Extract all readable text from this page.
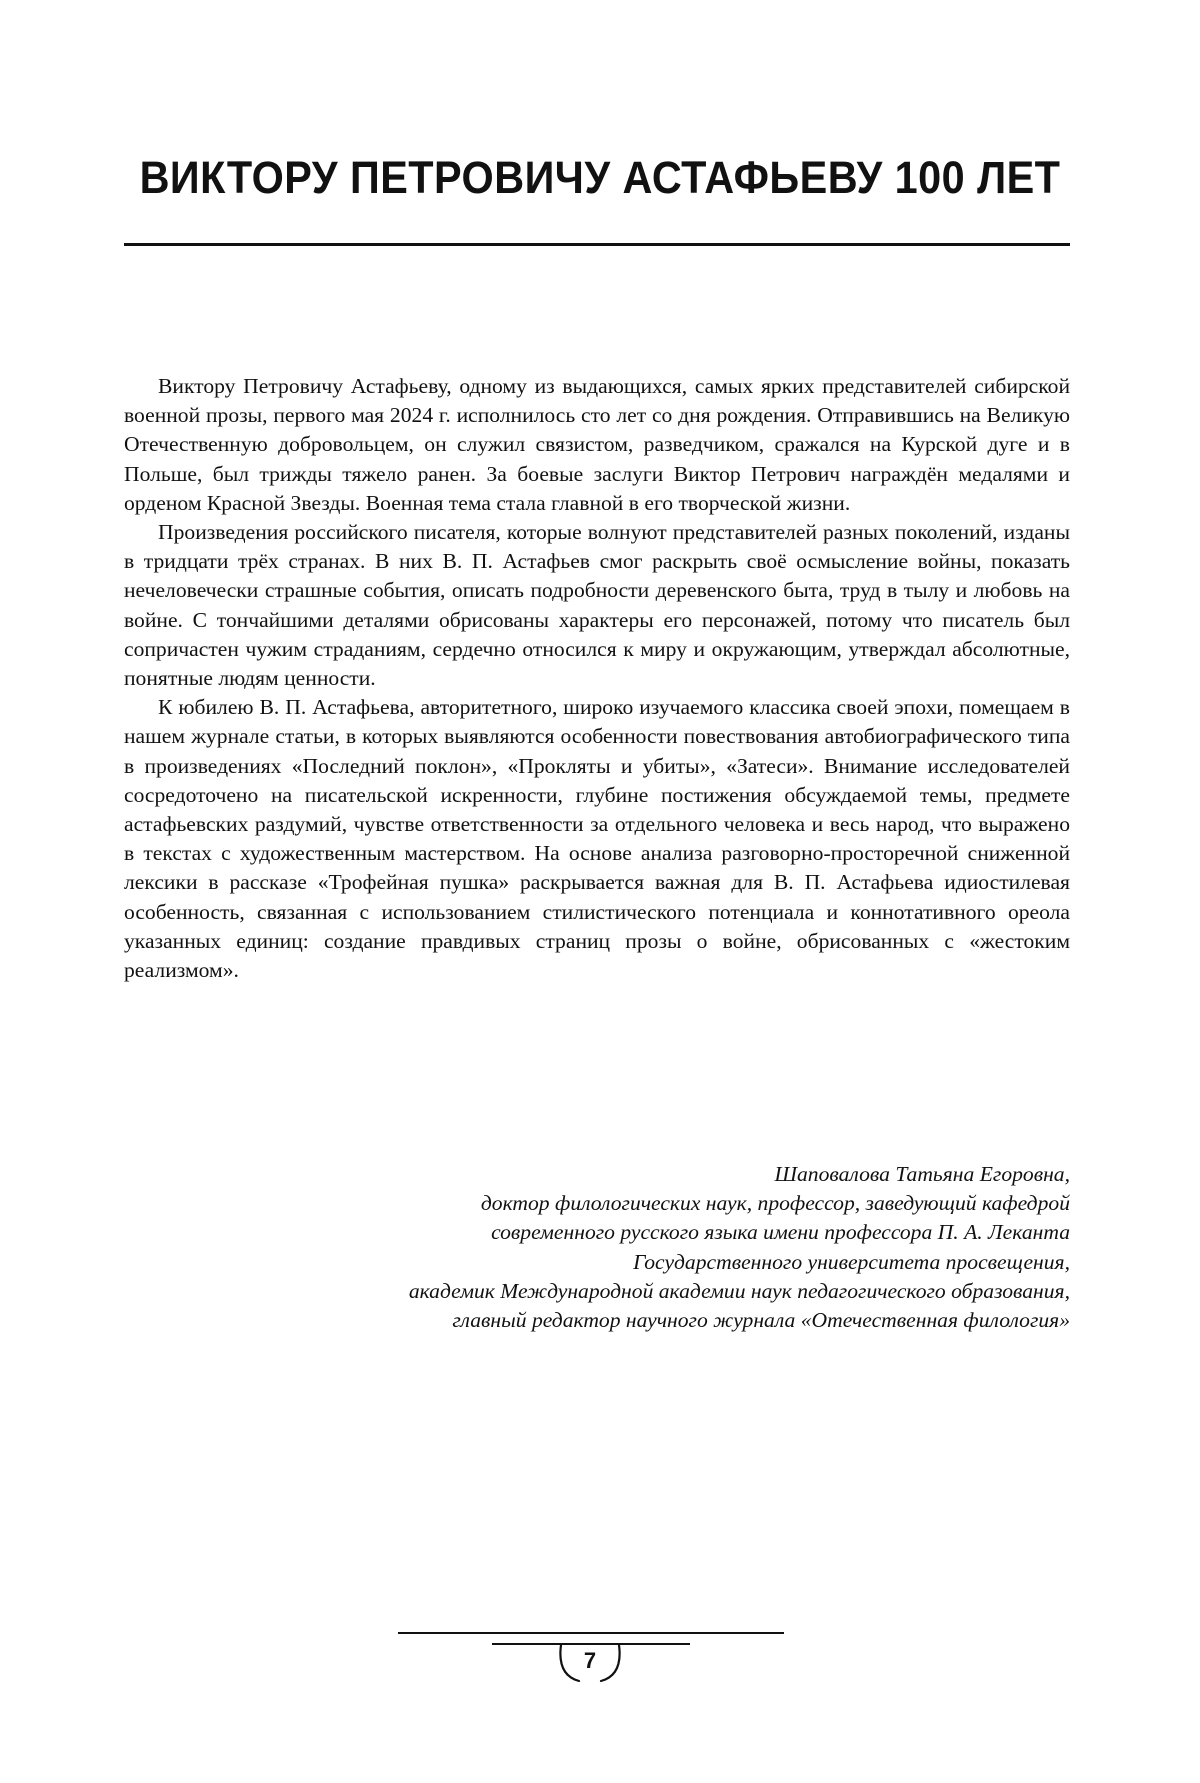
ВИКТОРУ ПЕТРОВИЧУ АСТАФЬЕВУ 100 ЛЕТ

Виктору Петровичу Астафьеву, одному из выдающихся, самых ярких представителей сибирской военной прозы, первого мая 2024 г. исполнилось сто лет со дня рождения. Отправившись на Великую Отечественную добровольцем, он служил связистом, разведчиком, сражался на Курской дуге и в Польше, был трижды тяжело ранен. За боевые заслуги Виктор Петрович награждён медалями и орденом Красной Звезды. Военная тема стала главной в его творческой жизни.

Произведения российского писателя, которые волнуют представителей разных поколений, изданы в тридцати трёх странах. В них В. П. Астафьев смог раскрыть своё осмысление войны, показать нечеловечески страшные события, описать подробности деревенского быта, труд в тылу и любовь на войне. С тончайшими деталями обрисованы характеры его персонажей, потому что писатель был сопричастен чужим страданиям, сердечно относился к миру и окружающим, утверждал абсолютные, понятные людям ценности.

К юбилею В. П. Астафьева, авторитетного, широко изучаемого классика своей эпохи, помещаем в нашем журнале статьи, в которых выявляются особенности повествования автобиографического типа в произведениях «Последний поклон», «Прокляты и убиты», «Затеси». Внимание исследователей сосредоточено на писательской искренности, глубине постижения обсуждаемой темы, предмете астафьевских раздумий, чувстве ответственности за отдельного человека и весь народ, что выражено в текстах с художественным мастерством. На основе анализа разговорно-просторечной сниженной лексики в рассказе «Трофейная пушка» раскрывается важная для В. П. Астафьева идиостилевая особенность, связанная с использованием стилистического потенциала и коннотативного ореола указанных единиц: создание правдивых страниц прозы о войне, обрисованных с «жестоким реализмом».

Шаповалова Татьяна Егоровна,
доктор филологических наук, профессор, заведующий кафедрой
современного русского языка имени профессора П. А. Леканта
Государственного университета просвещения,
академик Международной академии наук педагогического образования,
главный редактор научного журнала «Отечественная филология»
7
